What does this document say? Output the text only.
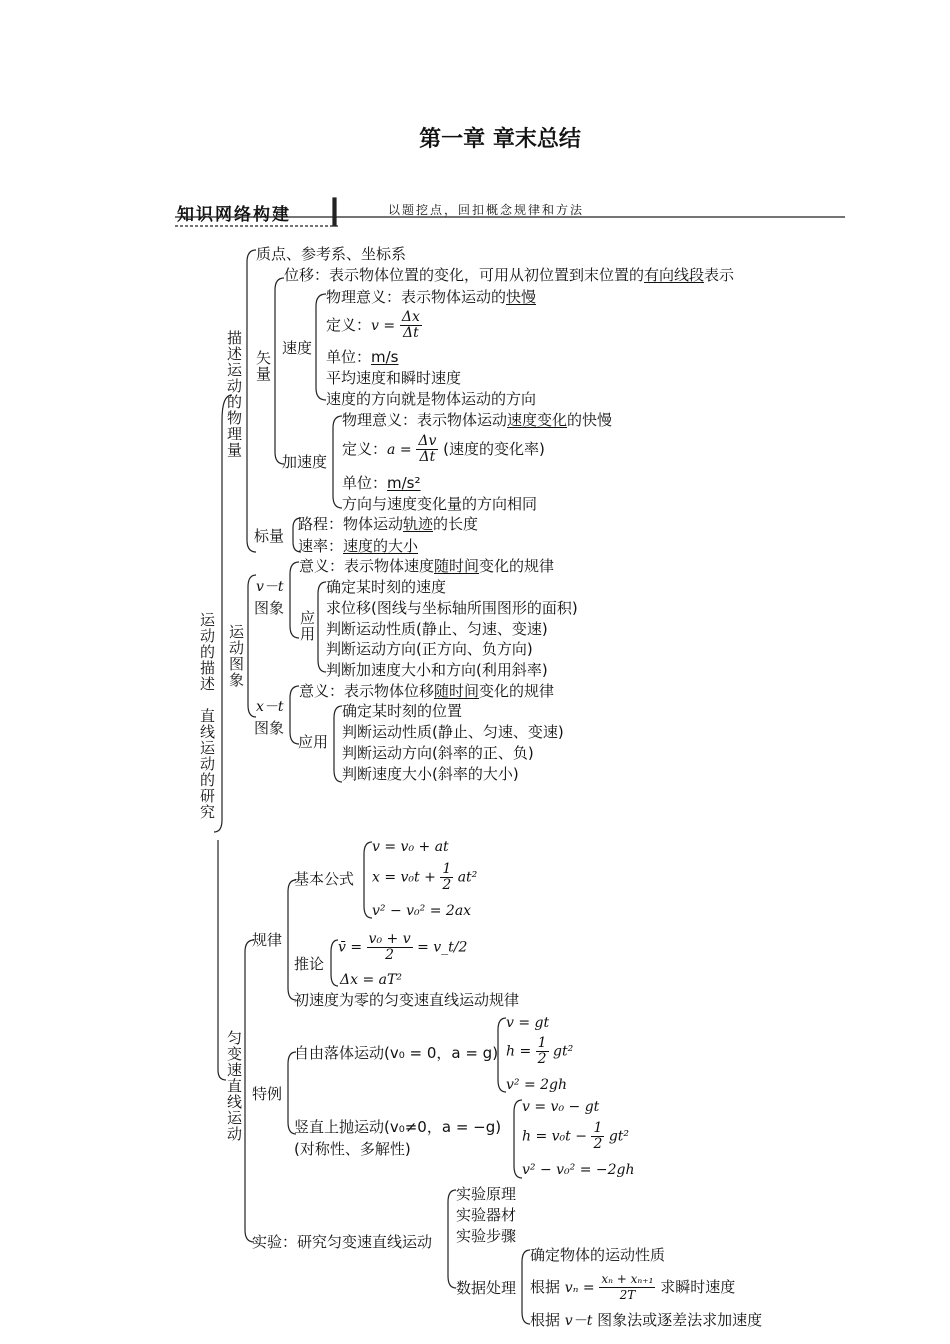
第一章 章末总结
知识网络构建	以题挖点，回扣概念规律和方法
运动的描述　直线运动的研究
描述运动的物理量
质点、参考系、坐标系
矢量
位移：表示物体位置的变化，可用从初位置到末位置的有向线段表示
速度
物理意义：表示物体运动的快慢
定义：$v = \frac{\Delta x}{\Delta t}$
单位：m/s
平均速度和瞬时速度
速度的方向就是物体运动的方向
加速度
物理意义：表示物体运动速度变化的快慢
定义：$a = \frac{\Delta v}{\Delta t}$ (速度的变化率)
单位：m/s²
方向与速度变化量的方向相同
标量
路程：物体运动轨迹的长度
速率：速度的大小
运动图象
v－t
图象
意义：表示物体速度随时间变化的规律
应用
确定某时刻的速度
求位移(图线与坐标轴所围图形的面积)
判断运动性质(静止、匀速、变速)
判断运动方向(正方向、负方向)
判断加速度大小和方向(利用斜率)
x－t
图象
意义：表示物体位移随时间变化的规律
应用
确定某时刻的位置
判断运动性质(静止、匀速、变速)
判断运动方向(斜率的正、负)
判断速度大小(斜率的大小)
匀变速直线运动
规律
基本公式
v = v₀ + at
$x = v_0t + \frac{1}{2} at^2$
v² − v₀² = 2ax
推论
v̄ = $\frac{\text{v₀ + v}}{2}$ = v_t/2
Δx = aT²
初速度为零的匀变速直线运动规律
特例
自由落体运动(v₀ = 0，a = g)
v = gt
$h = \frac{1}{2} gt^2$
v² = 2gh
竖直上抛运动(v₀≠0，a = −g)
(对称性、多解性)
v = v₀ − gt
$h = v_0t - \frac{1}{2} gt^2$
v² − v₀² = −2gh
实验：研究匀变速直线运动
实验原理
实验器材
实验步骤
数据处理
确定物体的运动性质
根据 $v_n = \frac{\text{xₙ + xₙ₊₁}}{2T}$ 求瞬时速度
根据 v－t 图象法或逐差法求加速度
